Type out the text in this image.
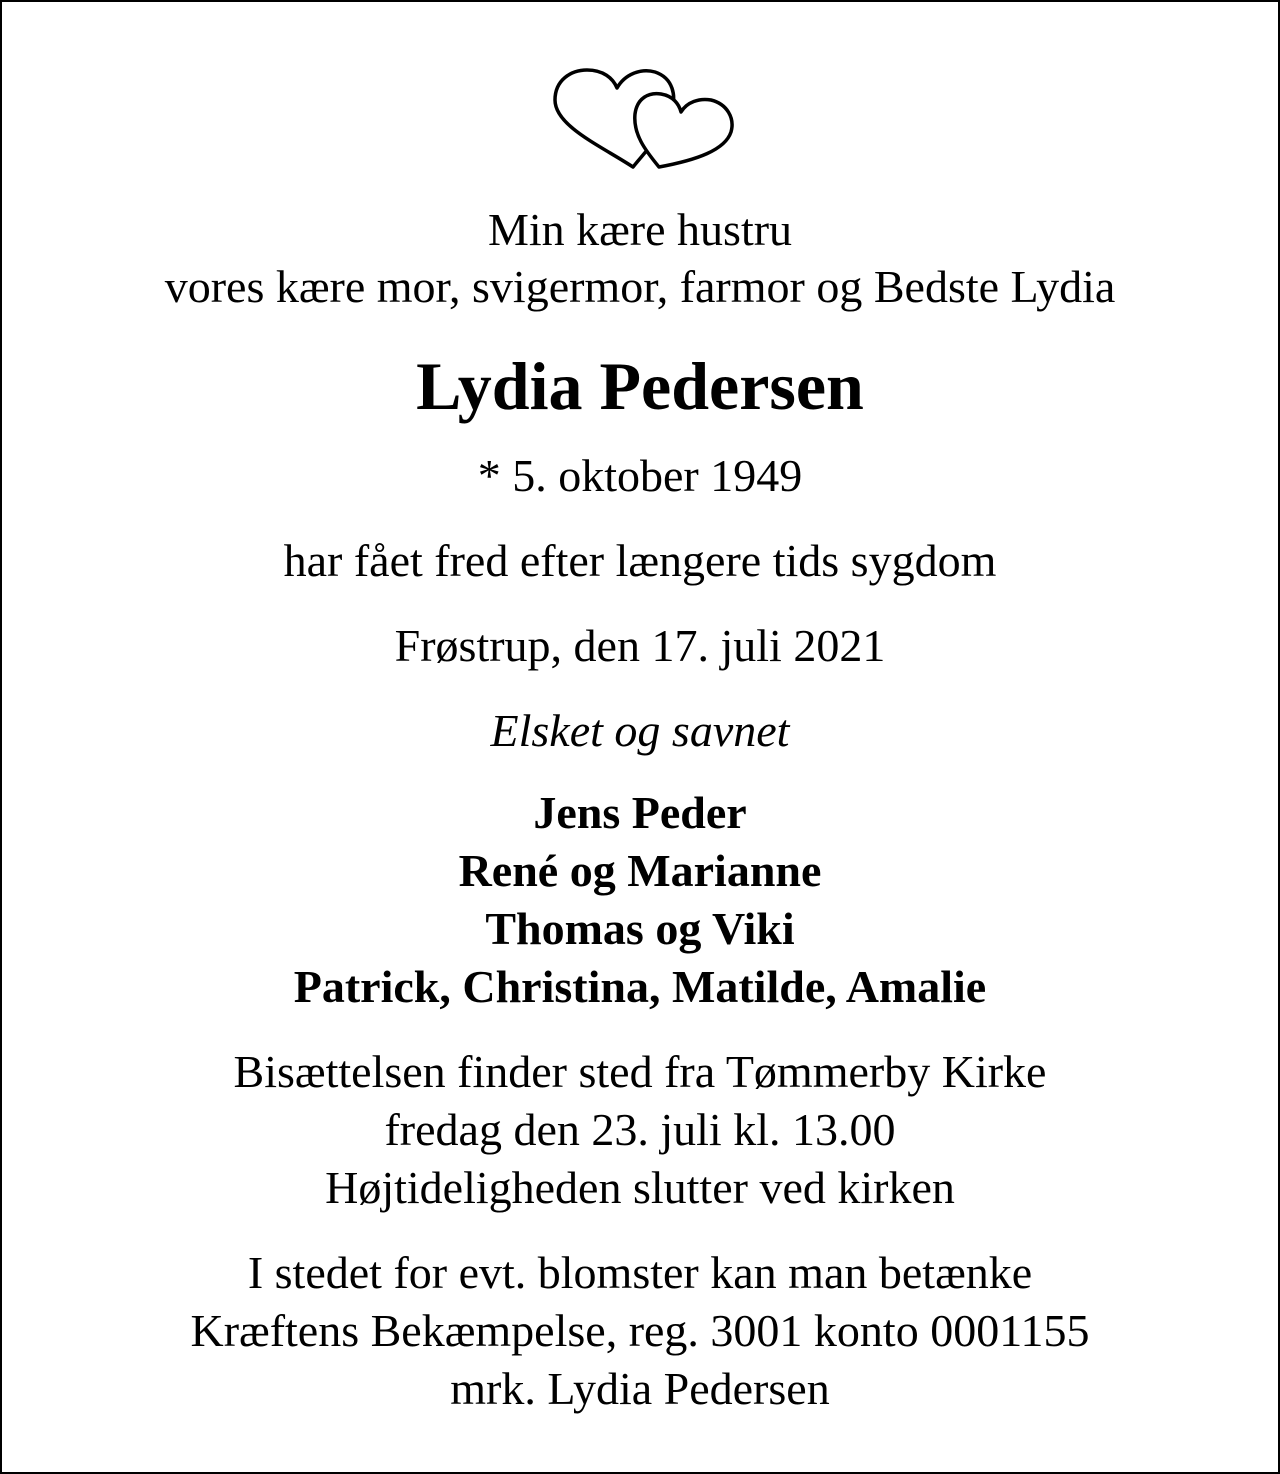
Min kære hustru
vores kære mor, svigermor, farmor og Bedste Lydia
Lydia Pedersen
* 5. oktober 1949
har fået fred efter længere tids sygdom
Frøstrup, den 17. juli 2021
Elsket og savnet
Jens Peder
René og Marianne
Thomas og Viki
Patrick, Christina, Matilde, Amalie
Bisættelsen finder sted fra Tømmerby Kirke
fredag den 23. juli kl. 13.00
Højtideligheden slutter ved kirken
I stedet for evt. blomster kan man betænke
Kræftens Bekæmpelse, reg. 3001 konto 0001155
mrk. Lydia Pedersen
